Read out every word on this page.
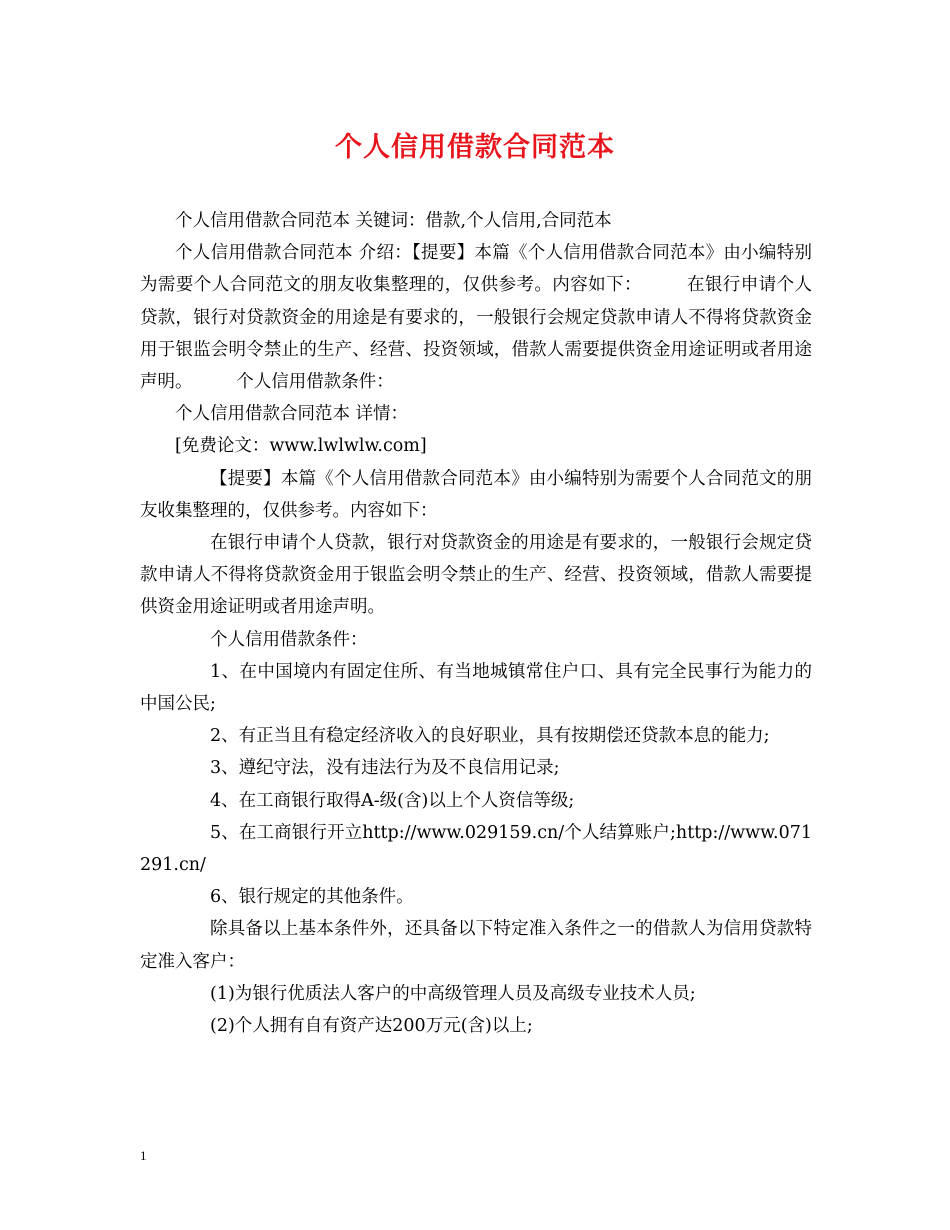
个人信用借款合同范本

个人信用借款合同范本 关键词：借款,个人信用,合同范本

个人信用借款合同范本 介绍：【提要】本篇《个人信用借款合同范本》由小编特别为需要个人合同范文的朋友收集整理的，仅供参考。内容如下：　　　在银行申请个人贷款，银行对贷款资金的用途是有要求的，一般银行会规定贷款申请人不得将贷款资金用于银监会明令禁止的生产、经营、投资领域，借款人需要提供资金用途证明或者用途声明。　　　个人信用借款条件：

个人信用借款合同范本 详情：

[免费论文：www.lwlwlw.com]

【提要】本篇《个人信用借款合同范本》由小编特别为需要个人合同范文的朋友收集整理的，仅供参考。内容如下：

在银行申请个人贷款，银行对贷款资金的用途是有要求的，一般银行会规定贷款申请人不得将贷款资金用于银监会明令禁止的生产、经营、投资领域，借款人需要提供资金用途证明或者用途声明。

个人信用借款条件：

1、在中国境内有固定住所、有当地城镇常住户口、具有完全民事行为能力的中国公民;

2、有正当且有稳定经济收入的良好职业，具有按期偿还贷款本息的能力;

3、遵纪守法，没有违法行为及不良信用记录;

4、在工商银行取得A-级(含)以上个人资信等级;

5、在工商银行开立http://www.029159.cn/个人结算账户;http://www.071291.cn/

6、银行规定的其他条件。

除具备以上基本条件外，还具备以下特定准入条件之一的借款人为信用贷款特定准入客户：

(1)为银行优质法人客户的中高级管理人员及高级专业技术人员;

(2)个人拥有自有资产达200万元(含)以上;

1
